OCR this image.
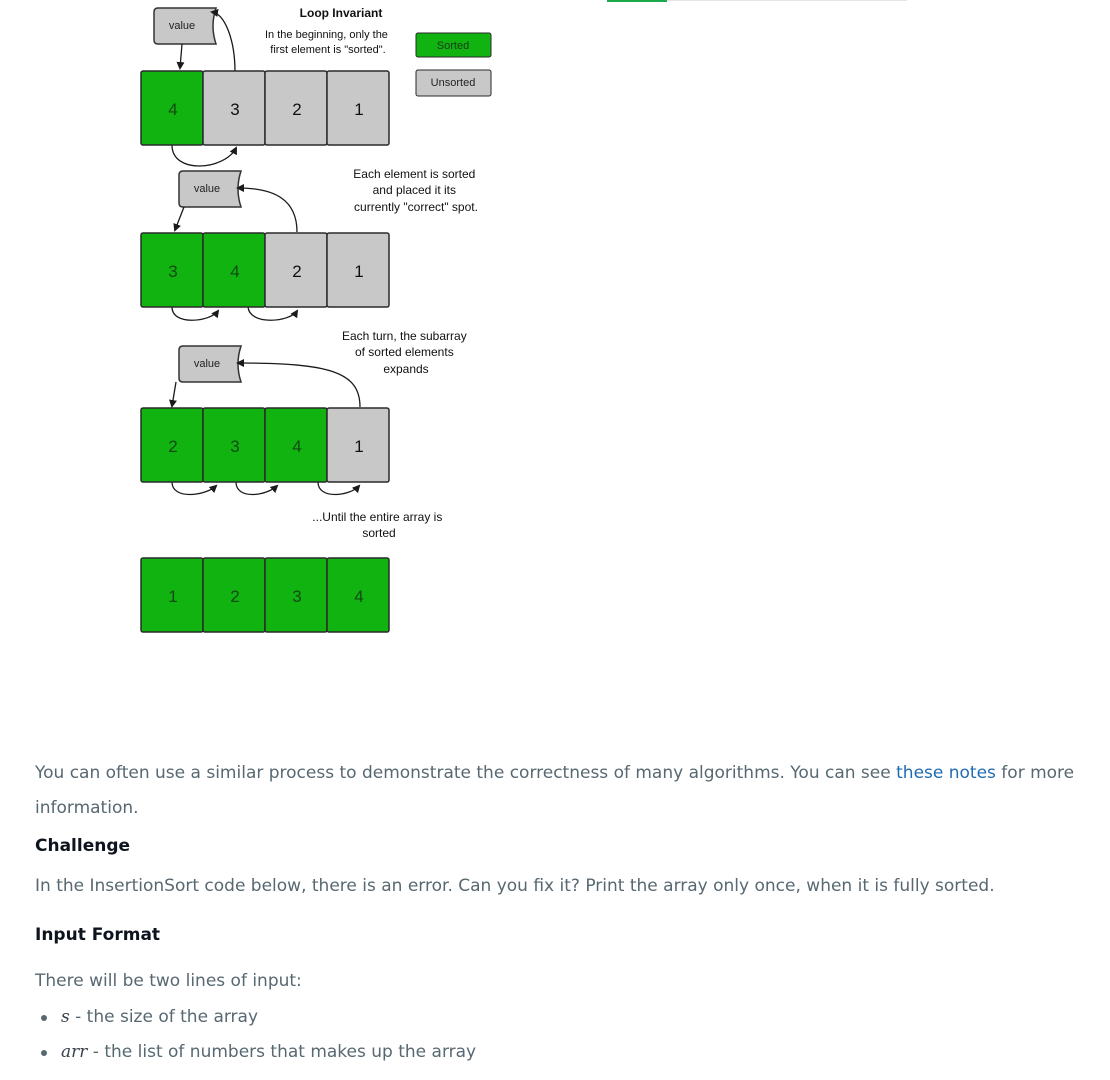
Loop Invariant
Sorted
Unsorted
In the beginning, only the first element is "sorted".
Each element is sorted and placed it its currently "correct" spot.
Each turn, the subarray of sorted elements expands
...Until the entire array is sorted
value
value
value
4	3	2	1
3	4	2	1
2	3	4	1
1	2	3	4
You can often use a similar process to demonstrate the correctness of many algorithms. You can see these notes for more information.
Challenge
In the InsertionSort code below, there is an error. Can you fix it? Print the array only once, when it is fully sorted.
Input Format
There will be two lines of input:
s - the size of the array
arr - the list of numbers that makes up the array
